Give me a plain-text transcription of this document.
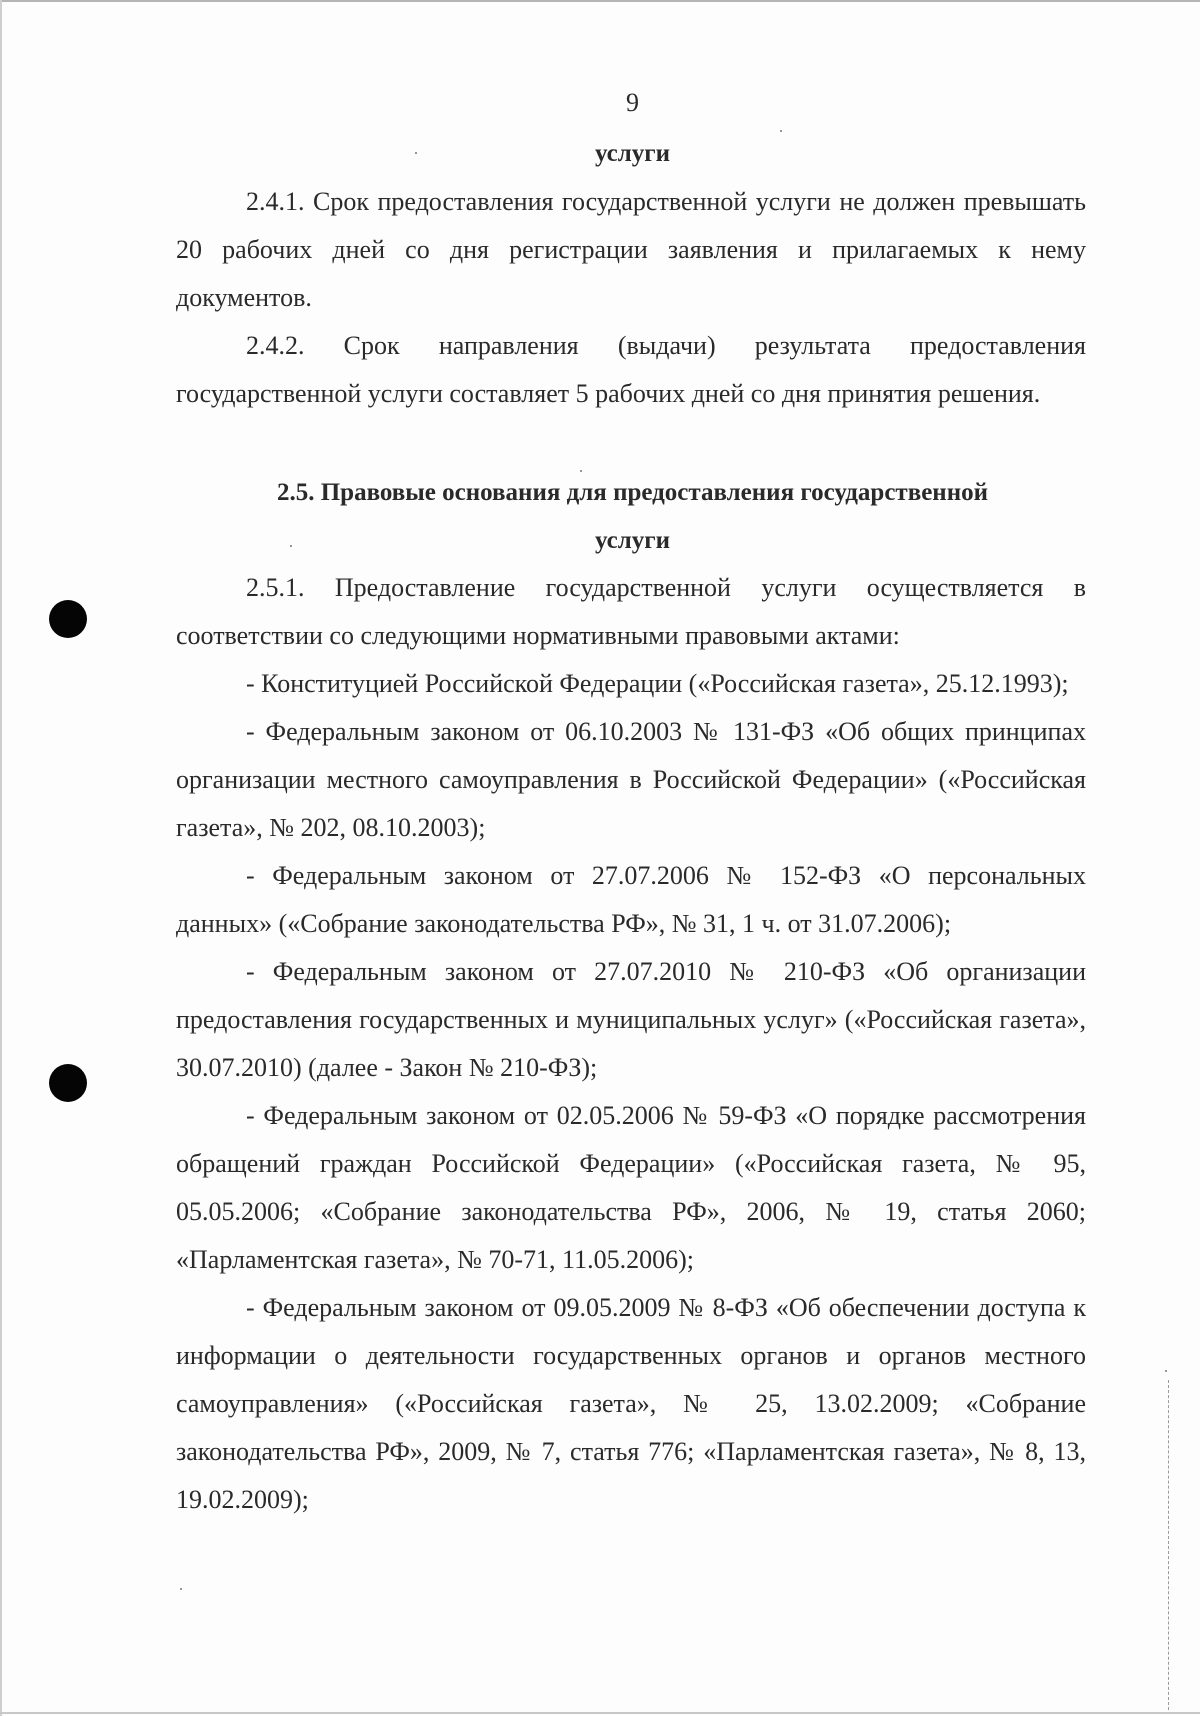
9
услуги

2.4.1. Срок предоставления государственной услуги не должен превышать 20 рабочих дней со дня регистрации заявления и прилагаемых к нему документов.

2.4.2. Срок направления (выдачи) результата предоставления государственной услуги составляет 5 рабочих дней со дня принятия решения.

2.5. Правовые основания для предоставления государственной
услуги

2.5.1. Предоставление государственной услуги осуществляется в соответствии со следующими нормативными правовыми актами:

- Конституцией Российской Федерации («Российская газета», 25.12.1993);

- Федеральным законом от 06.10.2003 № 131-ФЗ «Об общих принципах организации местного самоуправления в Российской Федерации» («Российская газета», № 202, 08.10.2003);

- Федеральным законом от 27.07.2006 № 152-ФЗ «О персональных данных» («Собрание законодательства РФ», № 31, 1 ч. от 31.07.2006);

- Федеральным законом от 27.07.2010 № 210-ФЗ «Об организации предоставления государственных и муниципальных услуг» («Российская газета», 30.07.2010) (далее - Закон № 210-ФЗ);

- Федеральным законом от 02.05.2006 № 59-ФЗ «О порядке рассмотрения обращений граждан Российской Федерации» («Российская газета, № 95, 05.05.2006; «Собрание законодательства РФ», 2006, № 19, статья 2060; «Парламентская газета», № 70-71, 11.05.2006);

- Федеральным законом от 09.05.2009 № 8-ФЗ «Об обеспечении доступа к информации о деятельности государственных органов и органов местного самоуправления» («Российская газета», № 25, 13.02.2009; «Собрание законодательства РФ», 2009, № 7, статья 776; «Парламентская газета», № 8, 13, 19.02.2009);
